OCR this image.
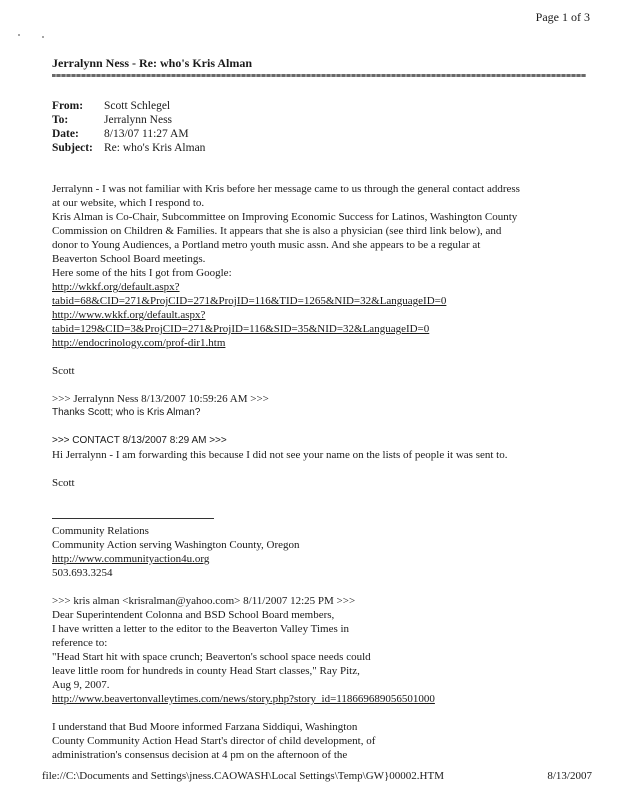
Page 1 of 3
Jerralynn Ness - Re: who's Kris Alman
From:	Scott Schlegel
To:	Jerralynn Ness
Date:	8/13/07 11:27 AM
Subject: Re: who's Kris Alman

Jerralynn - I was not familiar with Kris before her message came to us through the general contact address

at our website, which I respond to.

Kris Alman is Co-Chair, Subcommittee on Improving Economic Success for Latinos, Washington County

Commission on Children & Families. It appears that she is also a physician (see third link below), and

donor to Young Audiences, a Portland metro youth music assn. And she appears to be a regular at

Beaverton School Board meetings.

Here some of the hits I got from Google:

http://wkkf.org/default.aspx?

tabid=68&CID=271&ProjCID=271&ProjID=116&TID=1265&NID=32&LanguageID=0

http://www.wkkf.org/default.aspx?

tabid=129&CID=3&ProjCID=271&ProjID=116&SID=35&NID=32&LanguageID=0

http://endocrinology.com/prof-dir1.htm

Scott

>>> Jerralynn Ness 8/13/2007 10:59:26 AM >>>

Thanks Scott; who is Kris Alman?

>>> CONTACT 8/13/2007 8:29 AM >>>

Hi Jerralynn - I am forwarding this because I did not see your name on the lists of people it was sent to.

Scott

Community Relations

Community Action serving Washington County, Oregon

http://www.communityaction4u.org

503.693.3254

>>> kris alman <krisralman@yahoo.com> 8/11/2007 12:25 PM >>>

Dear Superintendent Colonna and BSD School Board members,

I have written a letter to the editor to the Beaverton Valley Times in

reference to:

"Head Start hit with space crunch; Beaverton's school space needs could

leave little room for hundreds in county Head Start classes," Ray Pitz,

Aug 9, 2007.

http://www.beavertonvalleytimes.com/news/story.php?story_id=118669689056501000

I understand that Bud Moore informed Farzana Siddiqui, Washington

County Community Action Head Start's director of child development, of

administration's consensus decision at 4 pm on the afternoon of the

file://C:\Documents and Settings\jness.CAOWASH\Local Settings\Temp\GW}00002.HTM	8/13/2007
